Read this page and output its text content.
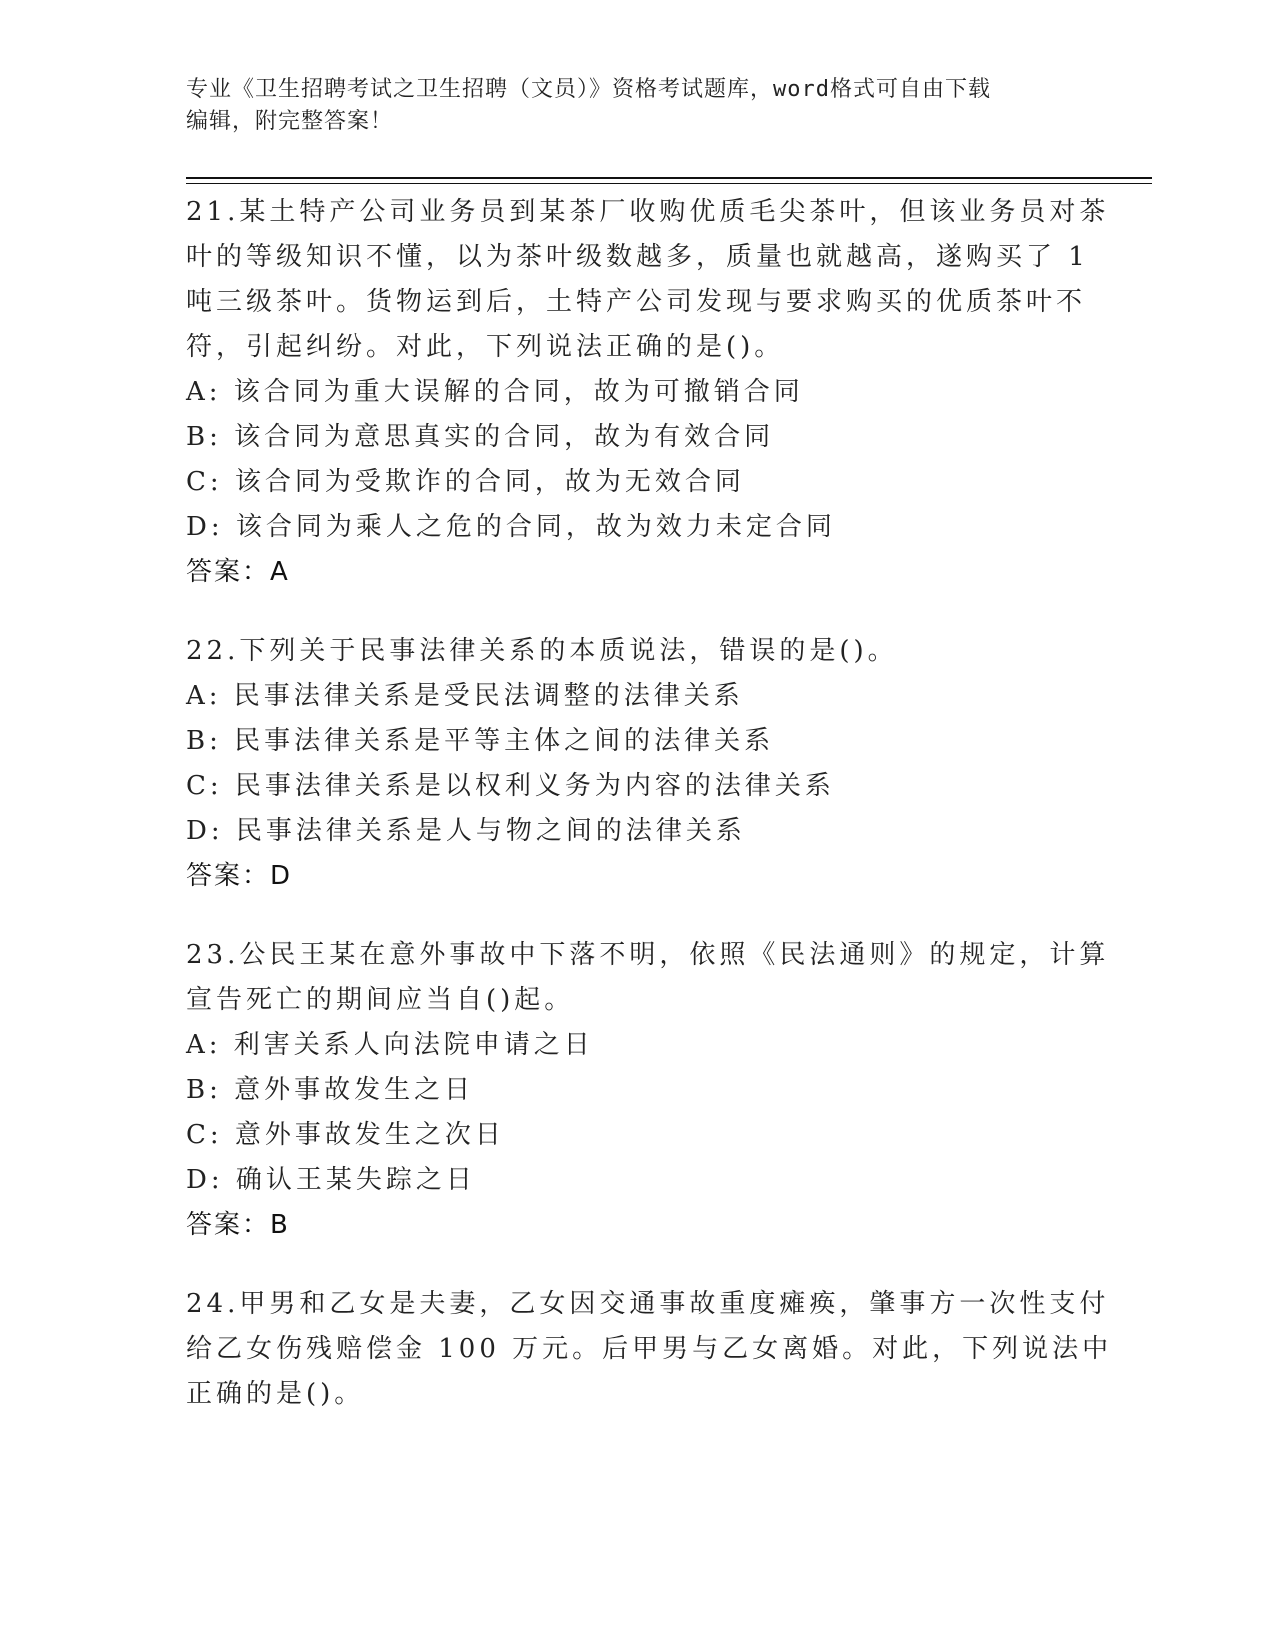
专业《卫生招聘考试之卫生招聘（文员）》资格考试题库，word格式可自由下载
编辑，附完整答案！
21.某土特产公司业务员到某茶厂收购优质毛尖茶叶，但该业务员对茶
叶的等级知识不懂，以为茶叶级数越多，质量也就越高，遂购买了 1
吨三级茶叶。货物运到后，土特产公司发现与要求购买的优质茶叶不
符，引起纠纷。对此，下列说法正确的是()。
A: 该合同为重大误解的合同，故为可撤销合同
B: 该合同为意思真实的合同，故为有效合同
C: 该合同为受欺诈的合同，故为无效合同
D: 该合同为乘人之危的合同，故为效力未定合同
答案：A
22.下列关于民事法律关系的本质说法，错误的是()。
A: 民事法律关系是受民法调整的法律关系
B: 民事法律关系是平等主体之间的法律关系
C: 民事法律关系是以权利义务为内容的法律关系
D: 民事法律关系是人与物之间的法律关系
答案：D
23.公民王某在意外事故中下落不明，依照《民法通则》的规定，计算
宣告死亡的期间应当自()起。
A: 利害关系人向法院申请之日
B: 意外事故发生之日
C: 意外事故发生之次日
D: 确认王某失踪之日
答案：B
24.甲男和乙女是夫妻，乙女因交通事故重度瘫痪，肇事方一次性支付
给乙女伤残赔偿金 100 万元。后甲男与乙女离婚。对此，下列说法中
正确的是()。
